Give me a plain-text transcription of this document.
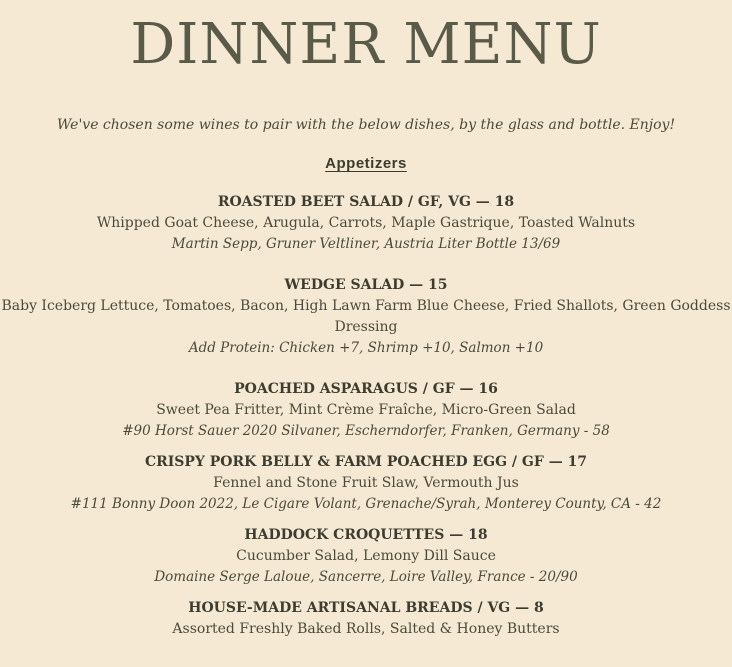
DINNER MENU
We've chosen some wines to pair with the below dishes, by the glass and bottle. Enjoy!
Appetizers
ROASTED BEET SALAD / GF, VG — 18
Whipped Goat Cheese, Arugula, Carrots, Maple Gastrique, Toasted Walnuts
Martin Sepp, Gruner Veltliner, Austria Liter Bottle 13/69
WEDGE SALAD — 15
Baby Iceberg Lettuce, Tomatoes, Bacon, High Lawn Farm Blue Cheese, Fried Shallots, Green Goddess Dressing
Add Protein: Chicken +7, Shrimp +10, Salmon +10
POACHED ASPARAGUS / GF — 16
Sweet Pea Fritter, Mint Crème Fraîche, Micro-Green Salad
#90 Horst Sauer 2020 Silvaner, Escherndorfer, Franken, Germany - 58
CRISPY PORK BELLY & FARM POACHED EGG / GF — 17
Fennel and Stone Fruit Slaw, Vermouth Jus
#111 Bonny Doon 2022, Le Cigare Volant, Grenache/Syrah, Monterey County, CA - 42
HADDOCK CROQUETTES — 18
Cucumber Salad, Lemony Dill Sauce
Domaine Serge Laloue, Sancerre, Loire Valley, France - 20/90
HOUSE-MADE ARTISANAL BREADS / VG — 8
Assorted Freshly Baked Rolls, Salted & Honey Butters
